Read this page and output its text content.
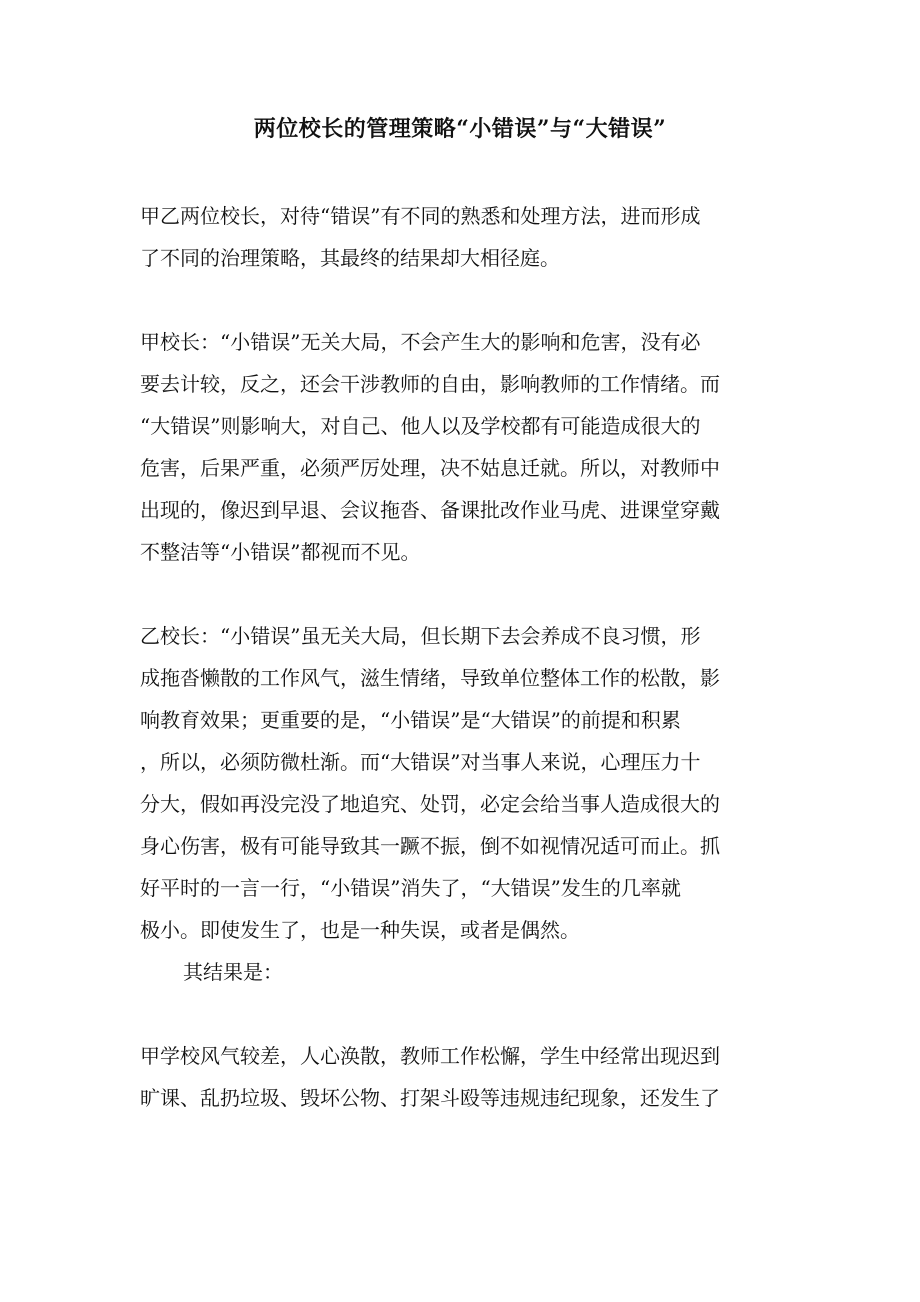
两位校长的管理策略“小错误”与“大错误”

甲乙两位校长，对待“错误”有不同的熟悉和处理方法，进而形成
了不同的治理策略，其最终的结果却大相径庭。

甲校长：“小错误”无关大局，不会产生大的影响和危害，没有必
要去计较，反之，还会干涉教师的自由，影响教师的工作情绪。而
“大错误”则影响大，对自己、他人以及学校都有可能造成很大的
危害，后果严重，必须严厉处理，决不姑息迁就。所以，对教师中
出现的，像迟到早退、会议拖沓、备课批改作业马虎、进课堂穿戴
不整洁等“小错误”都视而不见。

乙校长：“小错误”虽无关大局，但长期下去会养成不良习惯，形
成拖沓懒散的工作风气，滋生情绪，导致单位整体工作的松散，影
响教育效果；更重要的是，“小错误”是“大错误”的前提和积累
，所以，必须防微杜渐。而“大错误”对当事人来说，心理压力十
分大，假如再没完没了地追究、处罚，必定会给当事人造成很大的
身心伤害，极有可能导致其一蹶不振，倒不如视情况适可而止。抓
好平时的一言一行，“小错误”消失了，“大错误”发生的几率就
极小。即使发生了，也是一种失误，或者是偶然。

其结果是：

甲学校风气较差，人心涣散，教师工作松懈，学生中经常出现迟到
旷课、乱扔垃圾、毁坏公物、打架斗殴等违规违纪现象，还发生了
